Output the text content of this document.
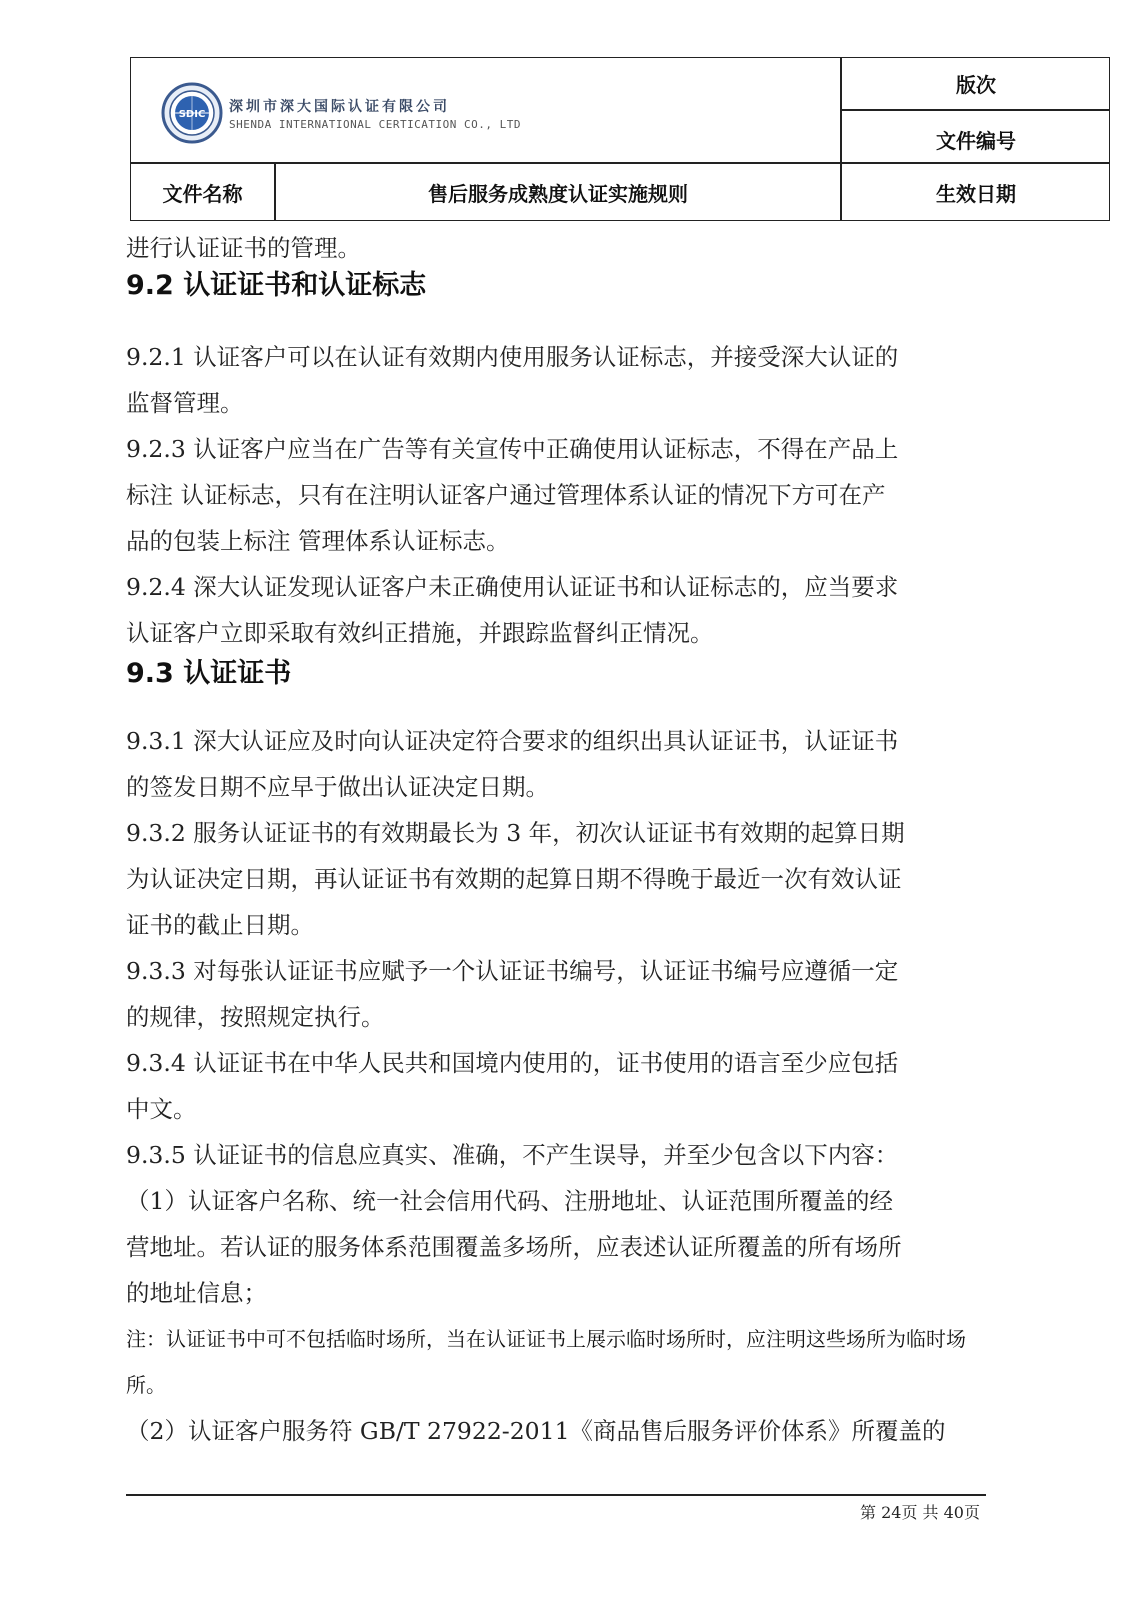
SDIC 深圳市深大国际认证有限公司
SHENDA INTERNATIONAL CERTICATION CO., LTD
版次
文件编号
文件名称	售后服务成熟度认证实施规则	生效日期
进行认证证书的管理。
9.2 认证证书和认证标志
9.2.1 认证客户可以在认证有效期内使用服务认证标志，并接受深大认证的
监督管理。
9.2.3 认证客户应当在广告等有关宣传中正确使用认证标志，不得在产品上
标注 认证标志，只有在注明认证客户通过管理体系认证的情况下方可在产
品的包装上标注 管理体系认证标志。
9.2.4 深大认证发现认证客户未正确使用认证证书和认证标志的，应当要求
认证客户立即采取有效纠正措施，并跟踪监督纠正情况。
9.3 认证证书
9.3.1 深大认证应及时向认证决定符合要求的组织出具认证证书，认证证书
的签发日期不应早于做出认证决定日期。
9.3.2 服务认证证书的有效期最长为 3 年，初次认证证书有效期的起算日期
为认证决定日期，再认证证书有效期的起算日期不得晚于最近一次有效认证
证书的截止日期。
9.3.3 对每张认证证书应赋予一个认证证书编号，认证证书编号应遵循一定
的规律，按照规定执行。
9.3.4 认证证书在中华人民共和国境内使用的，证书使用的语言至少应包括
中文。
9.3.5 认证证书的信息应真实、准确，不产生误导，并至少包含以下内容：
（1）认证客户名称、统一社会信用代码、注册地址、认证范围所覆盖的经
营地址。若认证的服务体系范围覆盖多场所，应表述认证所覆盖的所有场所
的地址信息；
注：认证证书中可不包括临时场所，当在认证证书上展示临时场所时，应注明这些场所为临时场
所。
（2）认证客户服务符 GB/T 27922-2011《商品售后服务评价体系》所覆盖的
第 24页 共 40页
